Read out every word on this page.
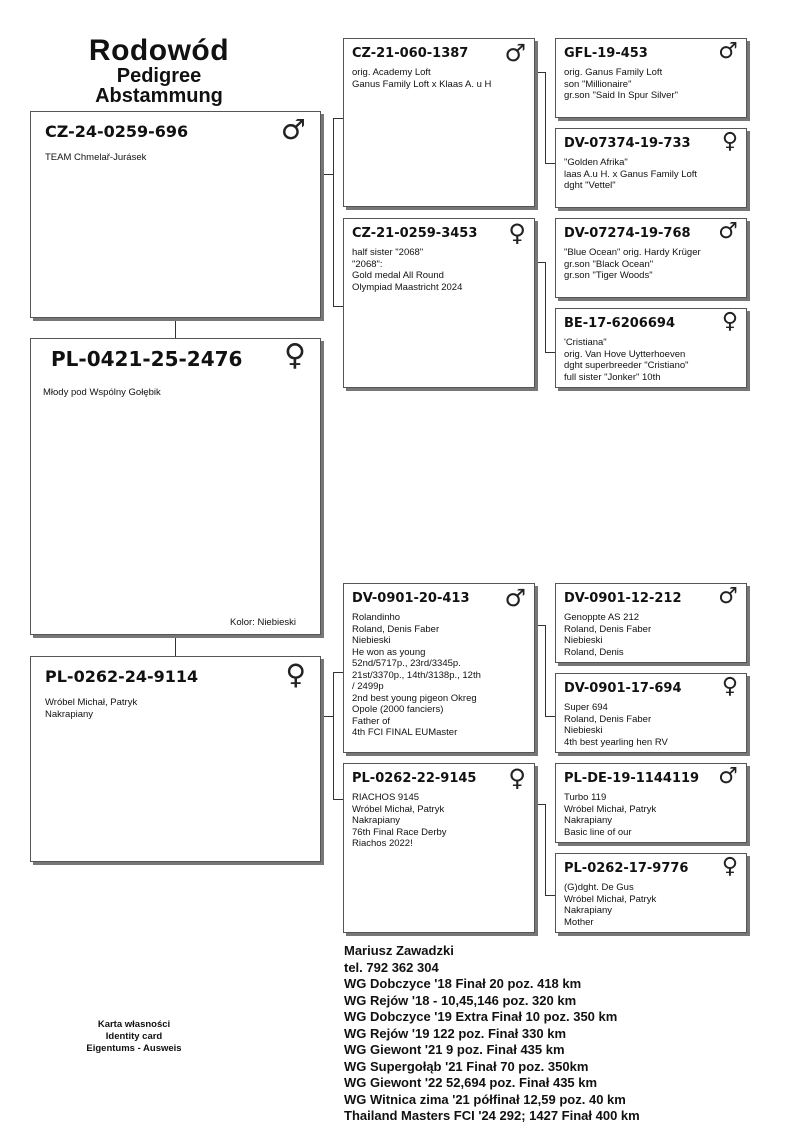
Rodowód
Pedigree
Abstammung
CZ-24-0259-696	♂
TEAM Chmelař-Jurásek
PL-0421-25-2476 ♀
Młody pod Wspólny Gołębik
Kolor: Niebieski
PL-0262-24-9114	♀
Wróbel Michał, Patryk
Nakrapiany
CZ-21-060-1387 ♂
orig. Academy Loft
Ganus Family Loft x Klaas A. u H
CZ-21-0259-3453 ♀
half sister "2068"
"2068":
Gold medal All Round
Olympiad Maastricht 2024
DV-0901-20-413 ♂
Rolandinho
Roland, Denis Faber
Niebieski
He won as young
52nd/5717p., 23rd/3345p.
21st/3370p., 14th/3138p., 12th
/ 2499p
2nd best young pigeon Okreg
Opole (2000 fanciers)
Father of
4th FCI FINAL EUMaster
PL-0262-22-9145 ♀
RIACHOS 9145
Wróbel Michał, Patryk
Nakrapiany
76th Final Race Derby
Riachos 2022!
GFL-19-453	♂
orig. Ganus Family Loft
son "Millionaire"
gr.son "Said In Spur Silver"
DV-07374-19-733 ♀
"Golden Afrika"
laas A.u H. x Ganus Family Loft
dght "Vettel"
DV-07274-19-768 ♂
"Blue Ocean" orig. Hardy Krüger
gr.son "Black Ocean"
gr.son "Tiger Woods"
BE-17-6206694 ♀
'Cristiana"
orig. Van Hove Uytterhoeven
dght superbreeder "Cristiano"
full sister "Jonker" 10th
DV-0901-12-212 ♂
Genoppte AS 212
Roland, Denis Faber
Niebieski
Roland, Denis
DV-0901-17-694 ♀
Super 694
Roland, Denis Faber
Niebieski
4th best yearling hen RV
PL-DE-19-1144119 ♂
Turbo 119
Wróbel Michał, Patryk
Nakrapiany
Basic line of our
PL-0262-17-9776 ♀
(G)dght. De Gus
Wróbel Michał, Patryk
Nakrapiany
Mother
Mariusz Zawadzki
tel. 792 362 304
WG Dobczyce '18 Finał 20 poz. 418 km
WG Rejów '18 - 10,45,146 poz. 320 km
WG Dobczyce '19 Extra Finał 10 poz. 350 km
WG Rejów '19 122 poz. Finał 330 km
WG Giewont '21 9 poz. Finał 435 km
WG Supergołąb '21 Finał 70 poz. 350km
WG Giewont '22 52,694 poz. Finał 435 km
WG Witnica zima '21 półfinał 12,59 poz. 40 km
Thailand Masters FCI '24 292; 1427 Finał 400 km
Karta własności
Identity card
Eigentums - Ausweis
